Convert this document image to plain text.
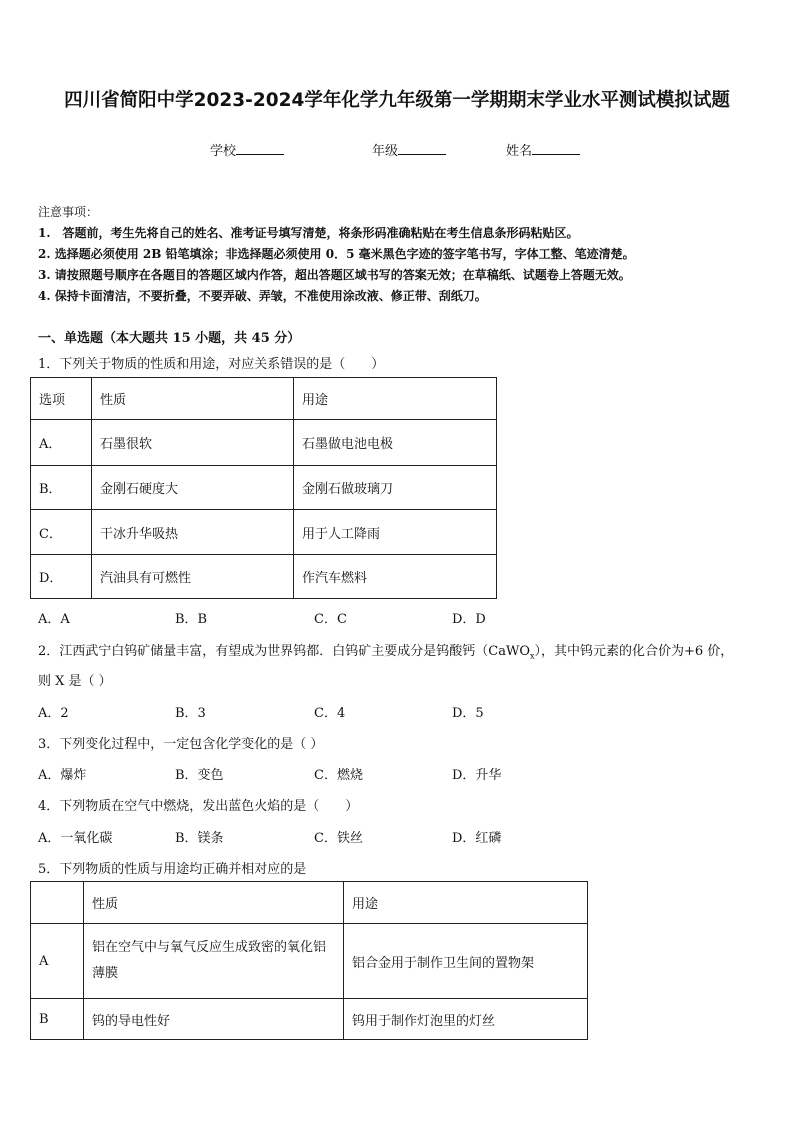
四川省简阳中学2023-2024学年化学九年级第一学期期末学业水平测试模拟试题
学校	年级	姓名
注意事项：
1.　答题前，考生先将自己的姓名、准考证号填写清楚，将条形码准确粘贴在考生信息条形码粘贴区。
2. 选择题必须使用 2B 铅笔填涂；非选择题必须使用 0．5 毫米黑色字迹的签字笔书写，字体工整、笔迹清楚。
3. 请按照题号顺序在各题目的答题区域内作答，超出答题区域书写的答案无效；在草稿纸、试题卷上答题无效。
4. 保持卡面清洁，不要折叠，不要弄破、弄皱，不准使用涂改液、修正带、刮纸刀。
一、单选题（本大题共 15 小题，共 45 分）
1．下列关于物质的性质和用途，对应关系错误的是（　　）
选项	性质	用途
A．	石墨很软	石墨做电池电极
B．	金刚石硬度大	金刚石做玻璃刀
C．	干冰升华吸热	用于人工降雨
D．	汽油具有可燃性	作汽车燃料
A．A	B．B	C．C	D．D
2．江西武宁白钨矿储量丰富，有望成为世界钨都．白钨矿主要成分是钨酸钙（CaWO$_x$），其中钨元素的化合价为+6 价，
则 X 是（ ）
A．2	B．3	C．4	D．5
3．下列变化过程中，一定包含化学变化的是（ ）
A．爆炸	B．变色	C．燃烧	D．升华
4．下列物质在空气中燃烧，发出蓝色火焰的是（　　）
A．一氧化碳	B．镁条	C．铁丝	D．红磷
5．下列物质的性质与用途均正确并相对应的是
	性质	用途
A	铝在空气中与氧气反应生成致密的氧化铝薄膜	铝合金用于制作卫生间的置物架
B	钨的导电性好	钨用于制作灯泡里的灯丝
